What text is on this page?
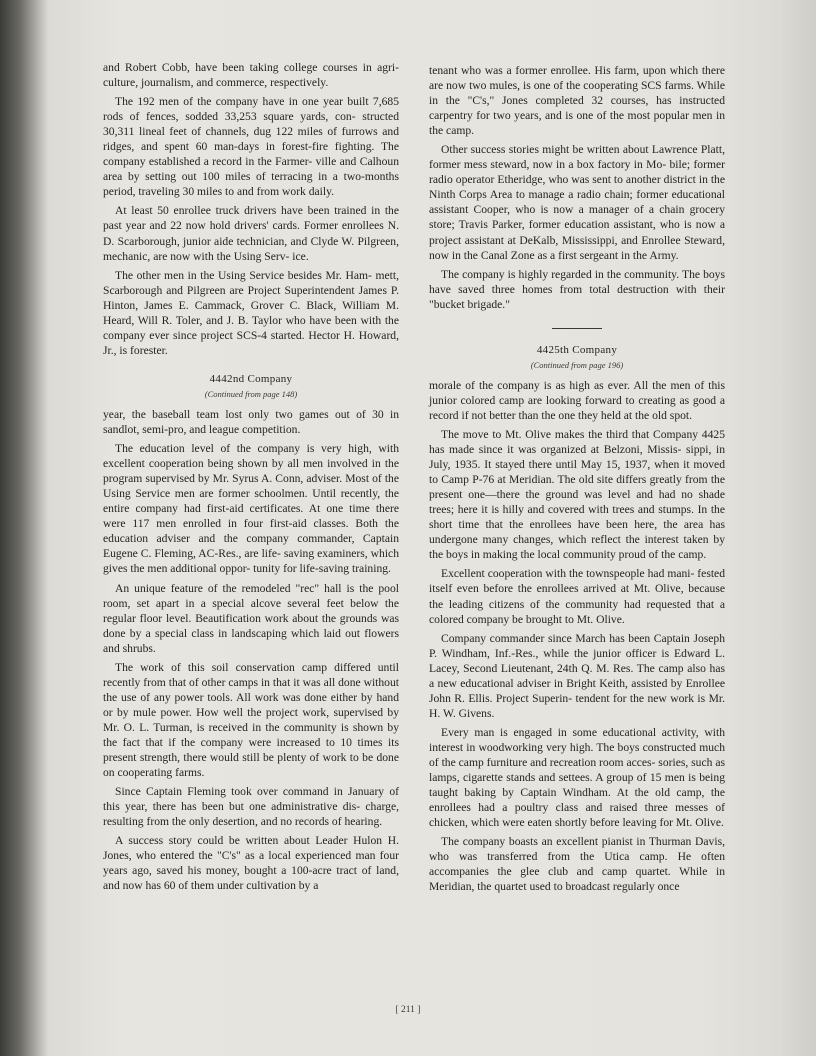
and Robert Cobb, have been taking college courses in agri- culture, journalism, and commerce, respectively.

The 192 men of the company have in one year built 7,685 rods of fences, sodded 33,253 square yards, con- structed 30,311 lineal feet of channels, dug 122 miles of furrows and ridges, and spent 60 man-days in forest-fire fighting. The company established a record in the Farmer- ville and Calhoun area by setting out 100 miles of terracing in a two-months period, traveling 30 miles to and from work daily.

At least 50 enrollee truck drivers have been trained in the past year and 22 now hold drivers' cards. Former enrollees N. D. Scarborough, junior aide technician, and Clyde W. Pilgreen, mechanic, are now with the Using Serv- ice.

The other men in the Using Service besides Mr. Ham- mett, Scarborough and Pilgreen are Project Superintendent James P. Hinton, James E. Cammack, Grover C. Black, William M. Heard, Will R. Toler, and J. B. Taylor who have been with the company ever since project SCS-4 started. Hector H. Howard, Jr., is forester.

4442nd Company
(Continued from page 148)

year, the baseball team lost only two games out of 30 in sandlot, semi-pro, and league competition.

The education level of the company is very high, with excellent cooperation being shown by all men involved in the program supervised by Mr. Syrus A. Conn, adviser. Most of the Using Service men are former schoolmen. Until recently, the entire company had first-aid certificates. At one time there were 117 men enrolled in four first-aid classes. Both the education adviser and the company commander, Captain Eugene C. Fleming, AC-Res., are life- saving examiners, which gives the men additional oppor- tunity for life-saving training.

An unique feature of the remodeled "rec" hall is the pool room, set apart in a special alcove several feet below the regular floor level. Beautification work about the grounds was done by a special class in landscaping which laid out flowers and shrubs.

The work of this soil conservation camp differed until recently from that of other camps in that it was all done without the use of any power tools. All work was done either by hand or by mule power. How well the project work, supervised by Mr. O. L. Turman, is received in the community is shown by the fact that if the company were increased to 10 times its present strength, there would still be plenty of work to be done on cooperating farms.

Since Captain Fleming took over command in January of this year, there has been but one administrative dis- charge, resulting from the only desertion, and no records of hearing.

A success story could be written about Leader Hulon H. Jones, who entered the "C's" as a local experienced man four years ago, saved his money, bought a 100-acre tract of land, and now has 60 of them under cultivation by a

tenant who was a former enrollee. His farm, upon which there are now two mules, is one of the cooperating SCS farms. While in the "C's," Jones completed 32 courses, has instructed carpentry for two years, and is one of the most popular men in the camp.

Other success stories might be written about Lawrence Platt, former mess steward, now in a box factory in Mo- bile; former radio operator Etheridge, who was sent to another district in the Ninth Corps Area to manage a radio chain; former educational assistant Cooper, who is now a manager of a chain grocery store; Travis Parker, former education assistant, who is now a project assistant at DeKalb, Mississippi, and Enrollee Steward, now in the Canal Zone as a first sergeant in the Army.

The company is highly regarded in the community. The boys have saved three homes from total destruction with their "bucket brigade."

4425th Company
(Continued from page 196)

morale of the company is as high as ever. All the men of this junior colored camp are looking forward to creating as good a record if not better than the one they held at the old spot.

The move to Mt. Olive makes the third that Company 4425 has made since it was organized at Belzoni, Missis- sippi, in July, 1935. It stayed there until May 15, 1937, when it moved to Camp P-76 at Meridian. The old site differs greatly from the present one—there the ground was level and had no shade trees; here it is hilly and covered with trees and stumps. In the short time that the enrollees have been here, the area has undergone many changes, which reflect the interest taken by the boys in making the local community proud of the camp.

Excellent cooperation with the townspeople had mani- fested itself even before the enrollees arrived at Mt. Olive, because the leading citizens of the community had requested that a colored company be brought to Mt. Olive.

Company commander since March has been Captain Joseph P. Windham, Inf.-Res., while the junior officer is Edward L. Lacey, Second Lieutenant, 24th Q. M. Res. The camp also has a new educational adviser in Bright Keith, assisted by Enrollee John R. Ellis. Project Superin- tendent for the new work is Mr. H. W. Givens.

Every man is engaged in some educational activity, with interest in woodworking very high. The boys constructed much of the camp furniture and recreation room acces- sories, such as lamps, cigarette stands and settees. A group of 15 men is being taught baking by Captain Windham. At the old camp, the enrollees had a poultry class and raised three messes of chicken, which were eaten shortly before leaving for Mt. Olive.

The company boasts an excellent pianist in Thurman Davis, who was transferred from the Utica camp. He often accompanies the glee club and camp quartet. While in Meridian, the quartet used to broadcast regularly once

[ 211 ]
